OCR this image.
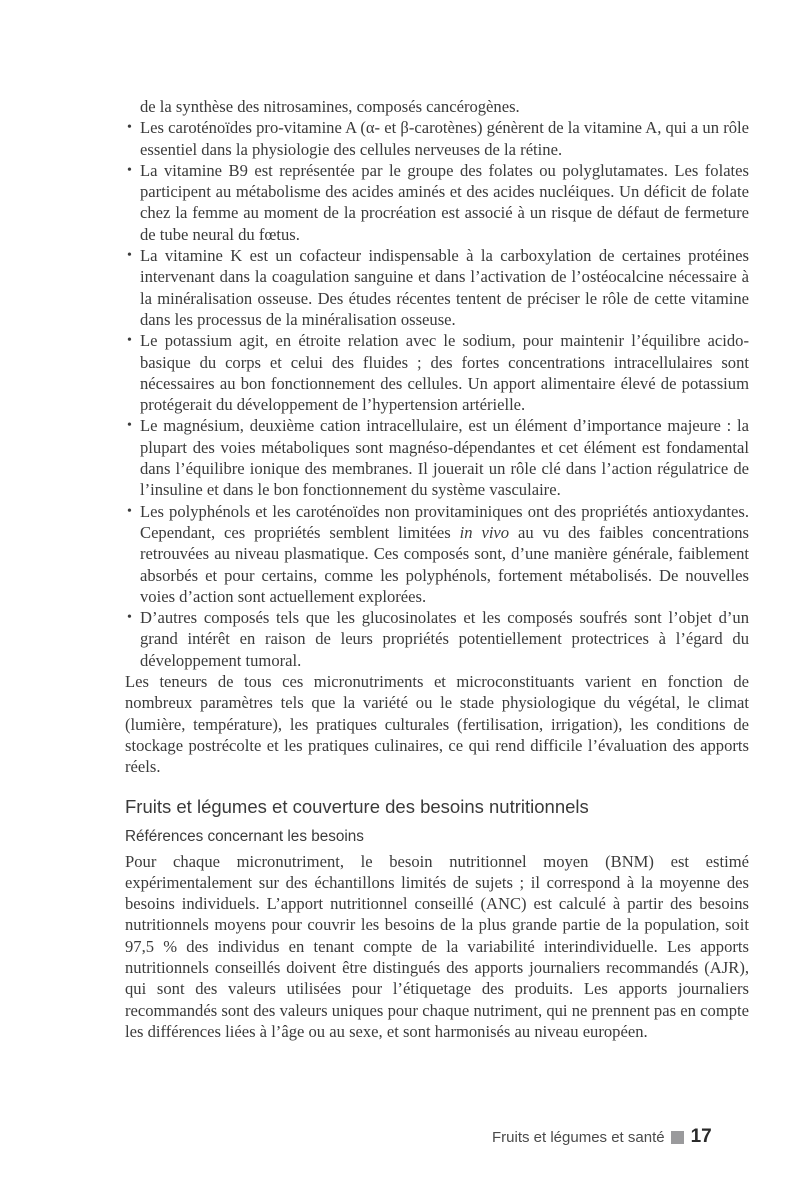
de la synthèse des nitrosamines, composés cancérogènes.

• Les caroténoïdes pro-vitamine A (α- et β-carotènes) génèrent de la vitamine A, qui a un rôle essentiel dans la physiologie des cellules nerveuses de la rétine.
• La vitamine B9 est représentée par le groupe des folates ou polyglutamates. Les folates participent au métabolisme des acides aminés et des acides nucléiques. Un déficit de folate chez la femme au moment de la procréation est associé à un risque de défaut de fermeture de tube neural du fœtus.
• La vitamine K est un cofacteur indispensable à la carboxylation de certaines protéines intervenant dans la coagulation sanguine et dans l’activation de l’ostéocalcine nécessaire à la minéralisation osseuse. Des études récentes tentent de préciser le rôle de cette vitamine dans les processus de la minéralisation osseuse.
• Le potassium agit, en étroite relation avec le sodium, pour maintenir l’équilibre acido-basique du corps et celui des fluides ; des fortes concentrations intracellulaires sont nécessaires au bon fonctionnement des cellules. Un apport alimentaire élevé de potassium protégerait du développement de l’hypertension artérielle.
• Le magnésium, deuxième cation intracellulaire, est un élément d’importance majeure : la plupart des voies métaboliques sont magnéso-dépendantes et cet élément est fondamental dans l’équilibre ionique des membranes. Il jouerait un rôle clé dans l’action régulatrice de l’insuline et dans le bon fonctionnement du système vasculaire.
• Les polyphénols et les caroténoïdes non provitaminiques ont des propriétés antioxydantes. Cependant, ces propriétés semblent limitées in vivo au vu des faibles concentrations retrouvées au niveau plasmatique. Ces composés sont, d’une manière générale, faiblement absorbés et pour certains, comme les polyphénols, fortement métabolisés. De nouvelles voies d’action sont actuellement explorées.
• D’autres composés tels que les glucosinolates et les composés soufrés sont l’objet d’un grand intérêt en raison de leurs propriétés potentiellement protectrices à l’égard du développement tumoral.

Les teneurs de tous ces micronutriments et microconstituants varient en fonction de nombreux paramètres tels que la variété ou le stade physiologique du végétal, le climat (lumière, température), les pratiques culturales (fertilisation, irrigation), les conditions de stockage postrécolte et les pratiques culinaires, ce qui rend difficile l’évaluation des apports réels.

Fruits et légumes et couverture des besoins nutritionnels
Références concernant les besoins

Pour chaque micronutriment, le besoin nutritionnel moyen (BNM) est estimé expérimentalement sur des échantillons limités de sujets ; il correspond à la moyenne des besoins individuels. L’apport nutritionnel conseillé (ANC) est calculé à partir des besoins nutritionnels moyens pour couvrir les besoins de la plus grande partie de la population, soit 97,5 % des individus en tenant compte de la variabilité interindividuelle. Les apports nutritionnels conseillés doivent être distingués des apports journaliers recommandés (AJR), qui sont des valeurs utilisées pour l’étiquetage des produits. Les apports journaliers recommandés sont des valeurs uniques pour chaque nutriment, qui ne prennent pas en compte les différences liées à l’âge ou au sexe, et sont harmonisés au niveau européen.

Fruits et légumes et santé 17
